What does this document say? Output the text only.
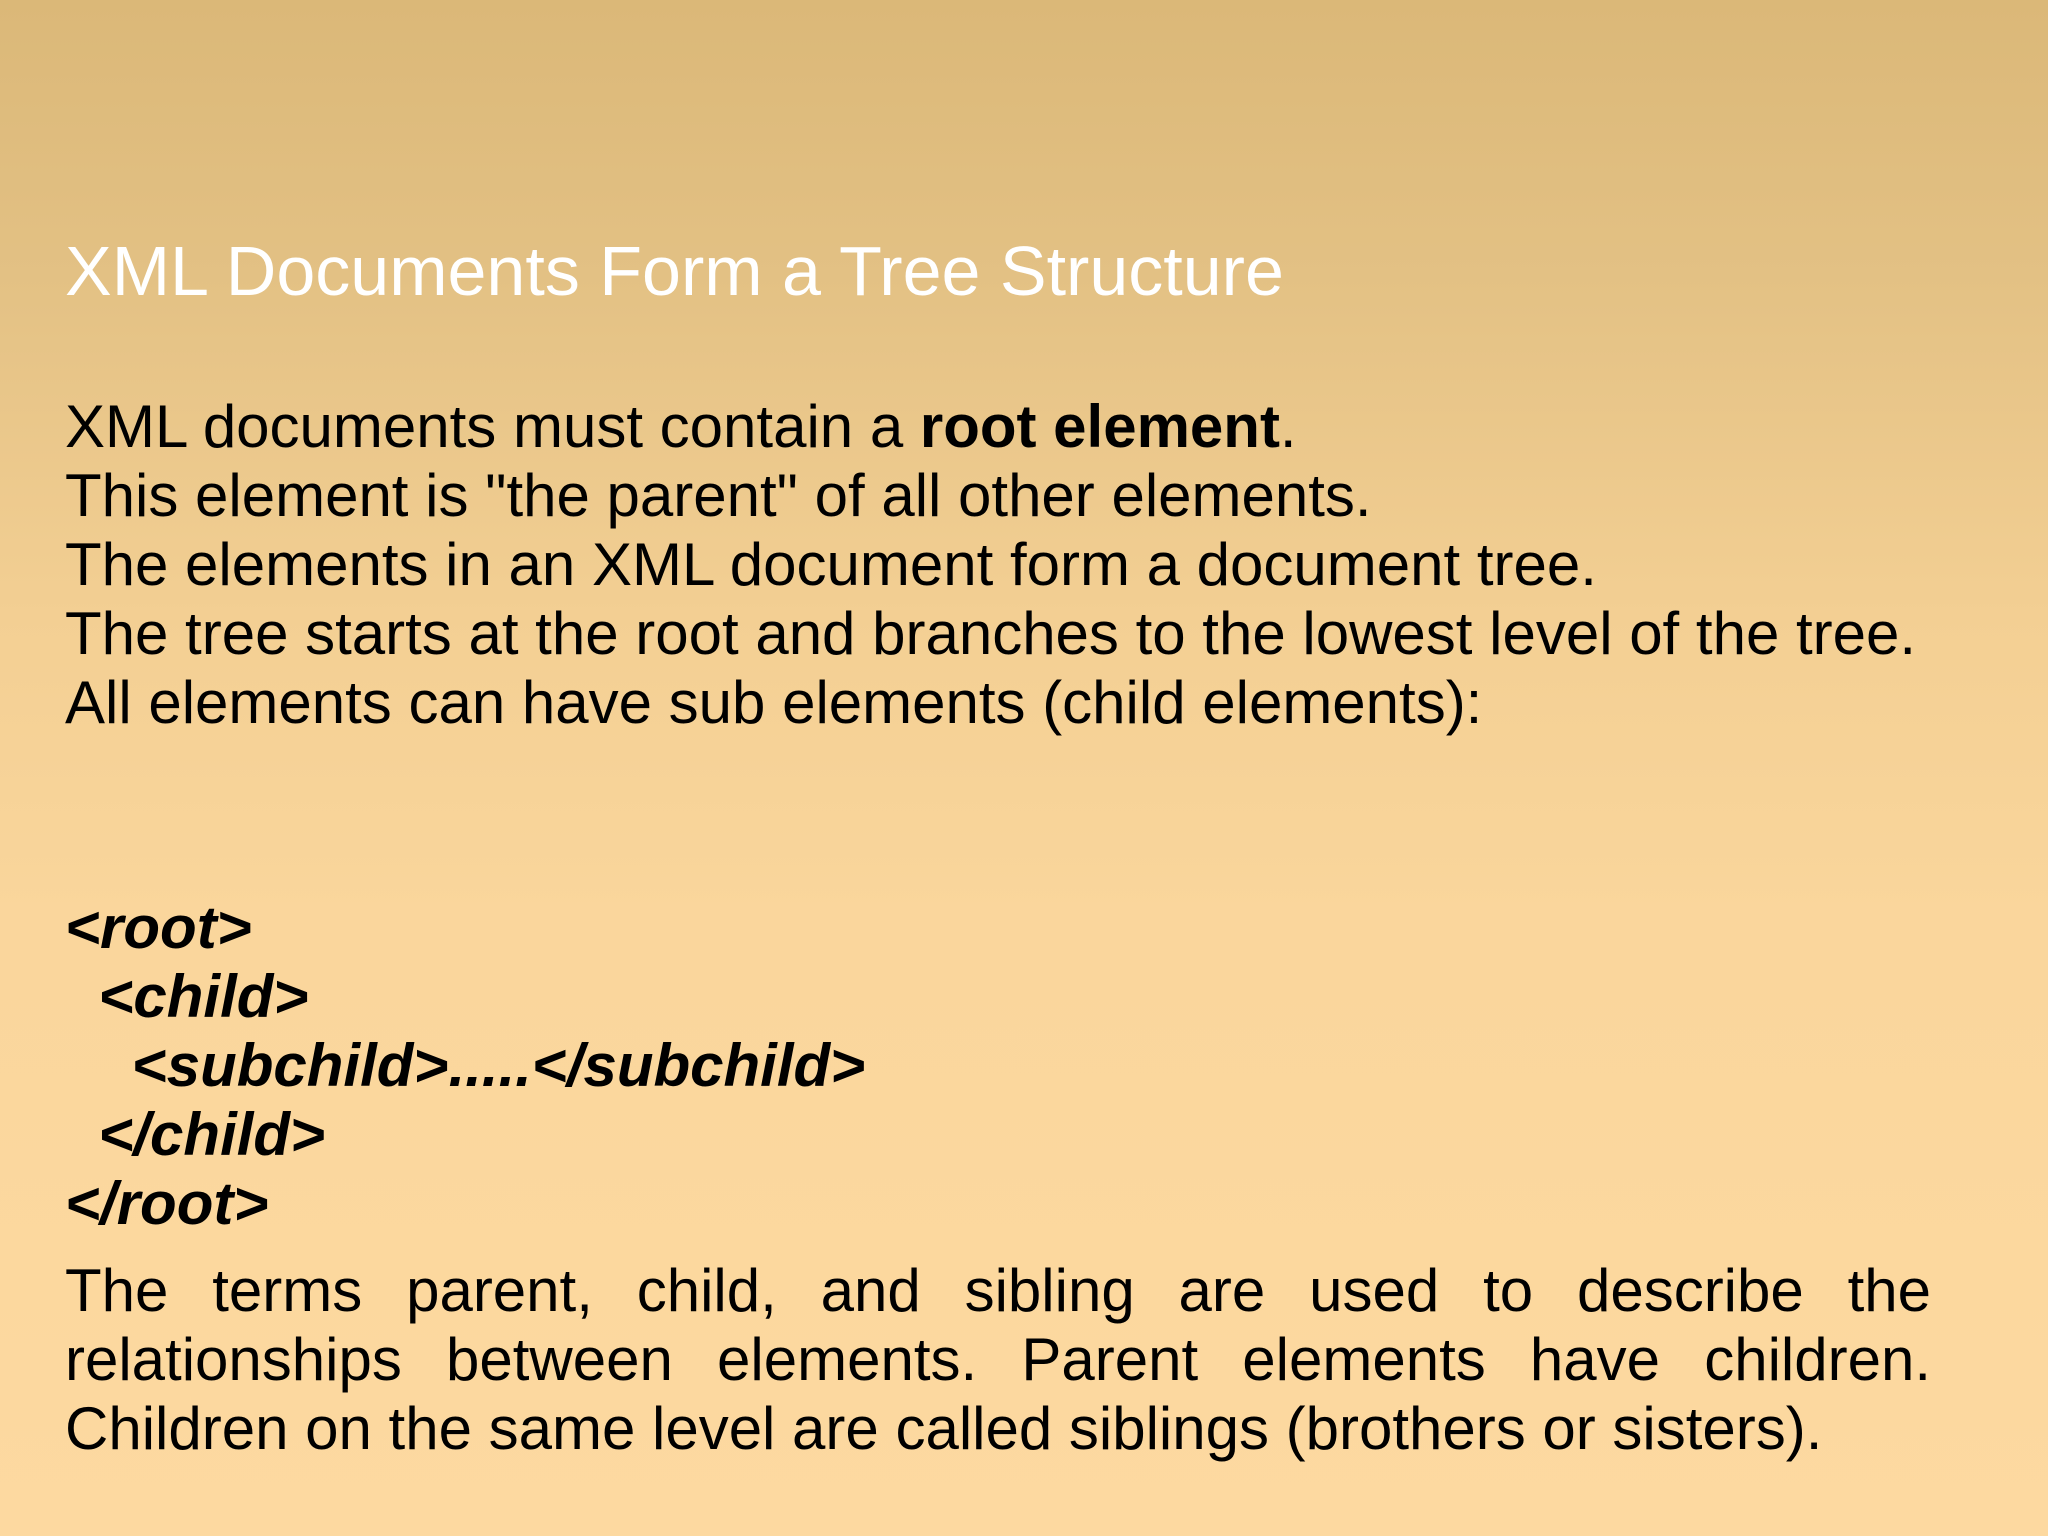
XML Documents Form a Tree Structure

XML documents must contain a root element.

This element is "the parent" of all other elements.

The elements in an XML document form a document tree.

The tree starts at the root and branches to the lowest level of the tree.

All elements can have sub elements (child elements):

<root>
<child>
<subchild>.....</subchild>
</child>
</root>

The terms parent, child, and sibling are used to describe the relationships between elements. Parent elements have children. Children on the same level are called siblings (brothers or sisters).
